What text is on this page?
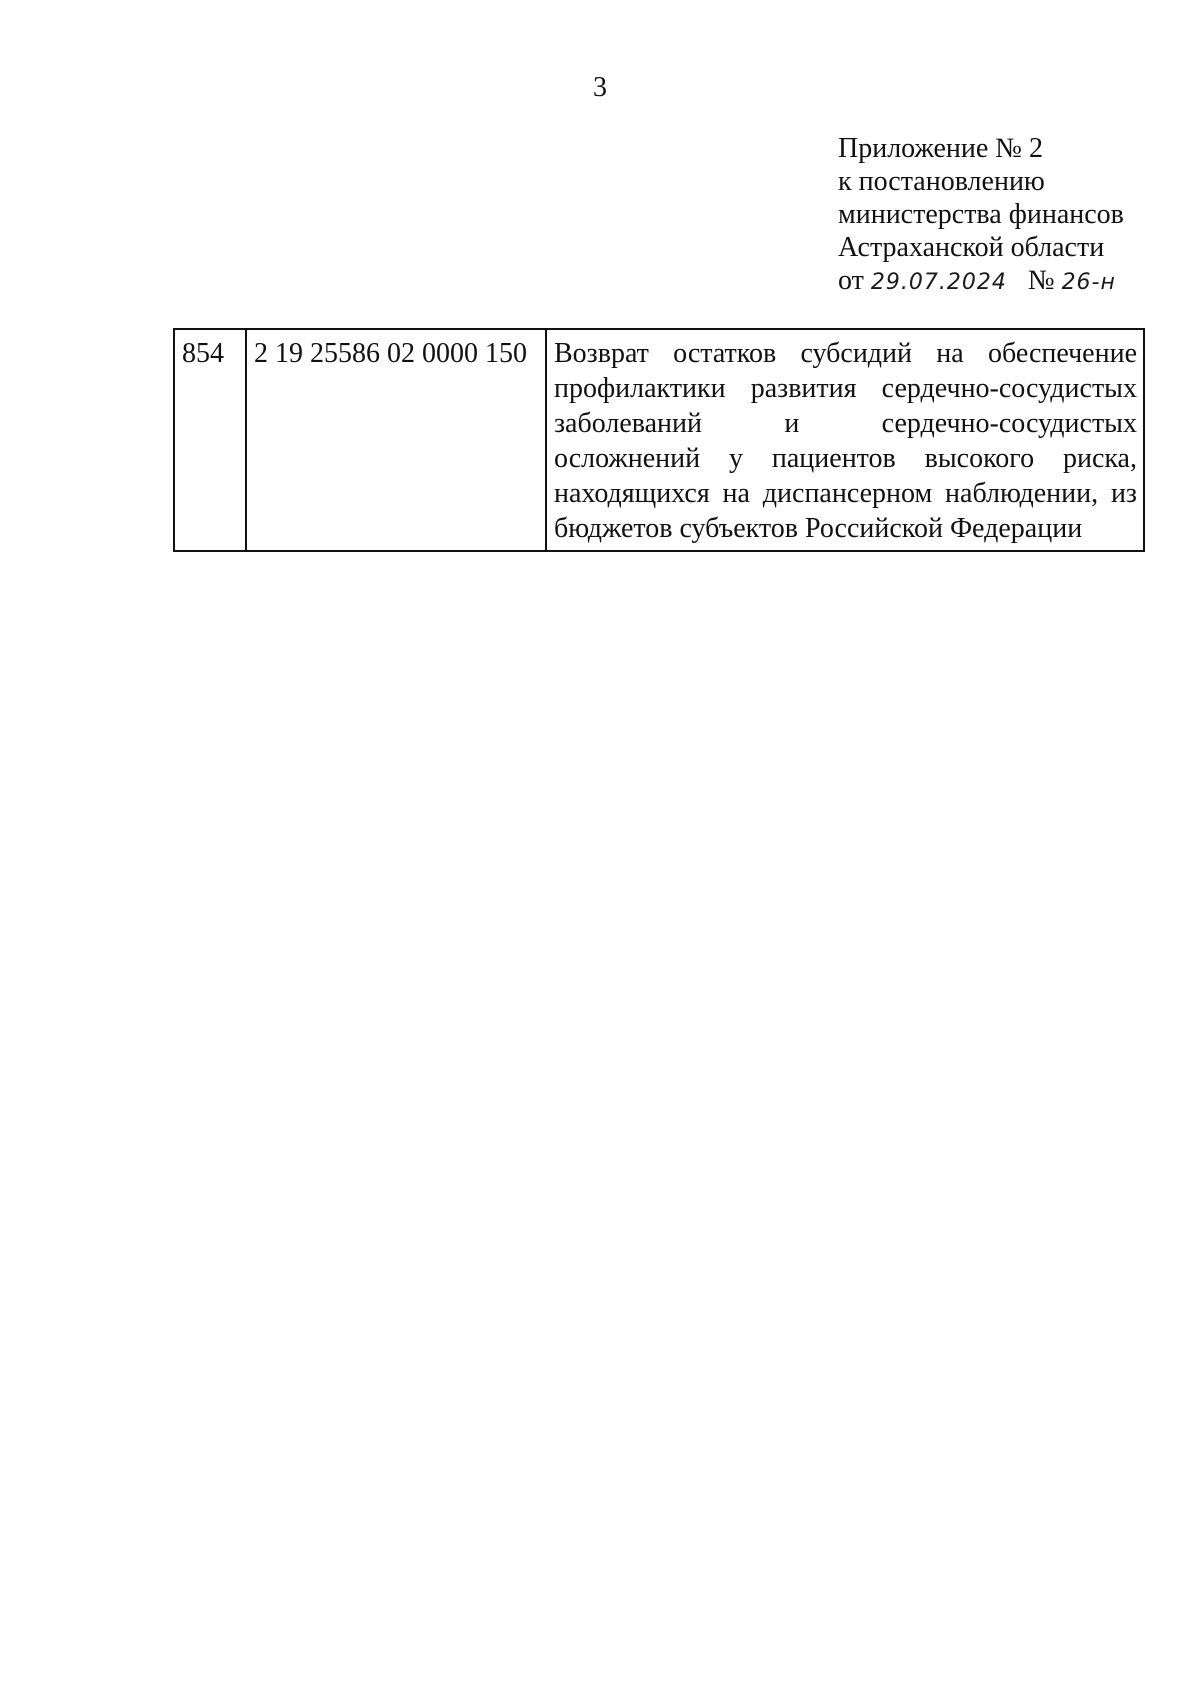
3
Приложение № 2
к постановлению
министерства финансов
Астраханской области
от 29.07.2024 № 26-н
854	2 19 25586 02 0000 150	Возврат остатков субсидий на обеспечение профилактики развития сердечно-сосудистых заболеваний и сердечно-сосудистых осложнений у пациентов высокого риска, находящихся на диспансерном наблюдении, из бюджетов субъектов Российской Федерации
